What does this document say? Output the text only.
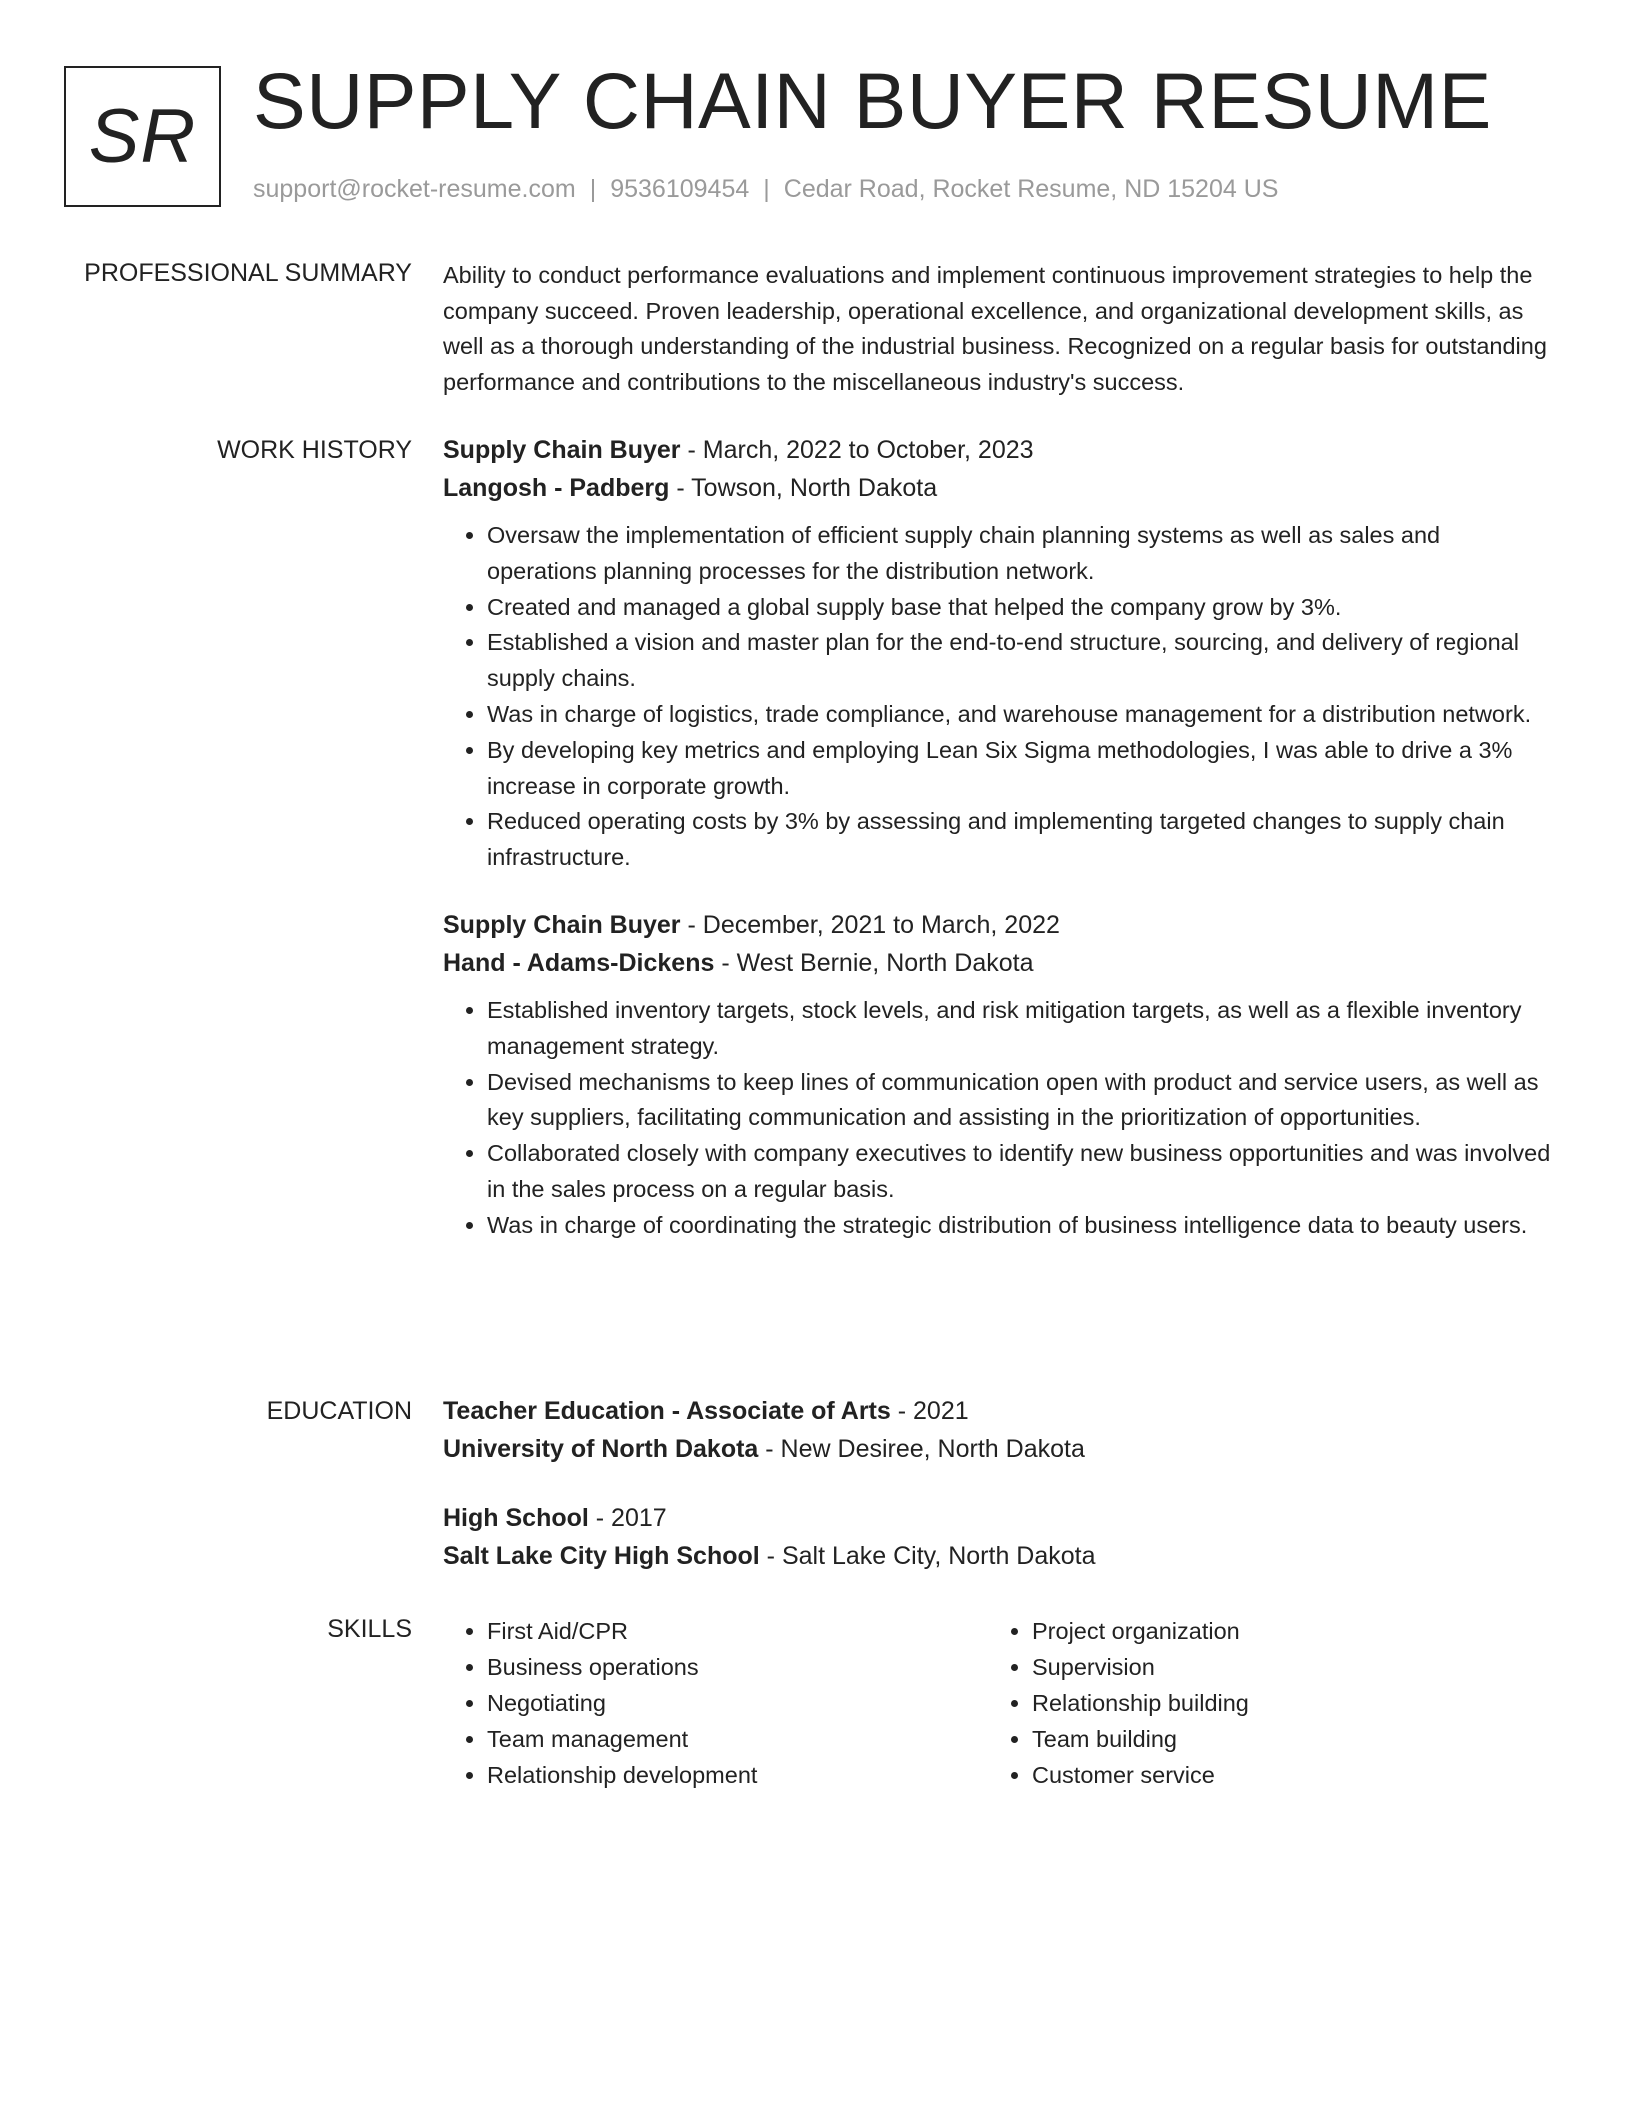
SR SUPPLY CHAIN BUYER RESUME
support@rocket-resume.com | 9536109454 | Cedar Road, Rocket Resume, ND 15204 US
PROFESSIONAL SUMMARY Ability to conduct performance evaluations and implement continuous improvement strategies to help the company succeed. Proven leadership, operational excellence, and organizational development skills, as well as a thorough understanding of the industrial business. Recognized on a regular basis for outstanding performance and contributions to the miscellaneous industry's success.

WORK HISTORY Supply Chain Buyer - March, 2022 to October, 2023
Langosh - Padberg - Towson, North Dakota
• Oversaw the implementation of efficient supply chain planning systems as well as sales and operations planning processes for the distribution network.
• Created and managed a global supply base that helped the company grow by 3%.
• Established a vision and master plan for the end-to-end structure, sourcing, and delivery of regional supply chains.
• Was in charge of logistics, trade compliance, and warehouse management for a distribution network.
• By developing key metrics and employing Lean Six Sigma methodologies, I was able to drive a 3% increase in corporate growth.
• Reduced operating costs by 3% by assessing and implementing targeted changes to supply chain infrastructure.
Supply Chain Buyer - December, 2021 to March, 2022
Hand - Adams-Dickens - West Bernie, North Dakota
• Established inventory targets, stock levels, and risk mitigation targets, as well as a flexible inventory management strategy.
• Devised mechanisms to keep lines of communication open with product and service users, as well as key suppliers, facilitating communication and assisting in the prioritization of opportunities.
• Collaborated closely with company executives to identify new business opportunities and was involved in the sales process on a regular basis.
• Was in charge of coordinating the strategic distribution of business intelligence data to beauty users.
EDUCATION Teacher Education - Associate of Arts - 2021
University of North Dakota - New Desiree, North Dakota
High School - 2017
Salt Lake City High School - Salt Lake City, North Dakota
SKILLS
•	First Aid/CPR
• Business operations
• Negotiating
• Team management
• Relationship development
• Project organization
• Supervision
• Relationship building
• Team building
• Customer service
